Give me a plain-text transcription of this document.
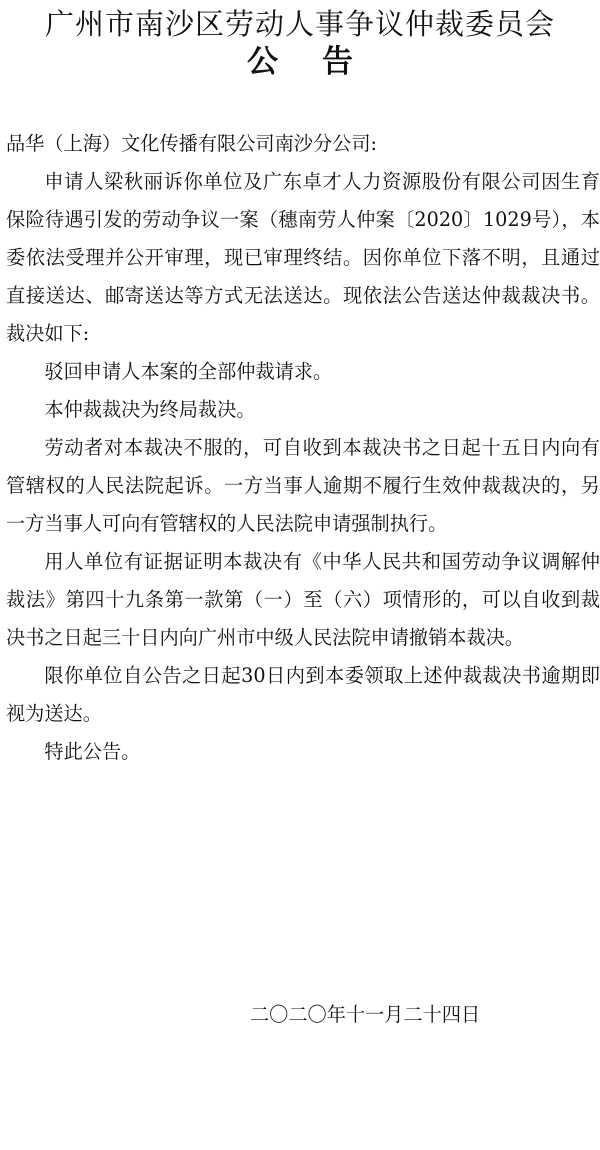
广州市南沙区劳动人事争议仲裁委员会
公 告

品华（上海）文化传播有限公司南沙分公司:

申请人梁秋丽诉你单位及广东卓才人力资源股份有限公司因生育保险待遇引发的劳动争议一案（穗南劳人仲案〔2020〕1029号），本委依法受理并公开审理，现已审理终结。因你单位下落不明，且通过直接送达、邮寄送达等方式无法送达。现依法公告送达仲裁裁决书。裁决如下:

驳回申请人本案的全部仲裁请求。

本仲裁裁决为终局裁决。

劳动者对本裁决不服的，可自收到本裁决书之日起十五日内向有管辖权的人民法院起诉。一方当事人逾期不履行生效仲裁裁决的，另一方当事人可向有管辖权的人民法院申请强制执行。

用人单位有证据证明本裁决有《中华人民共和国劳动争议调解仲裁法》第四十九条第一款第（一）至（六）项情形的，可以自收到裁决书之日起三十日内向广州市中级人民法院申请撤销本裁决。

限你单位自公告之日起30日内到本委领取上述仲裁裁决书逾期即视为送达。

特此公告。

二〇二〇年十一月二十四日
